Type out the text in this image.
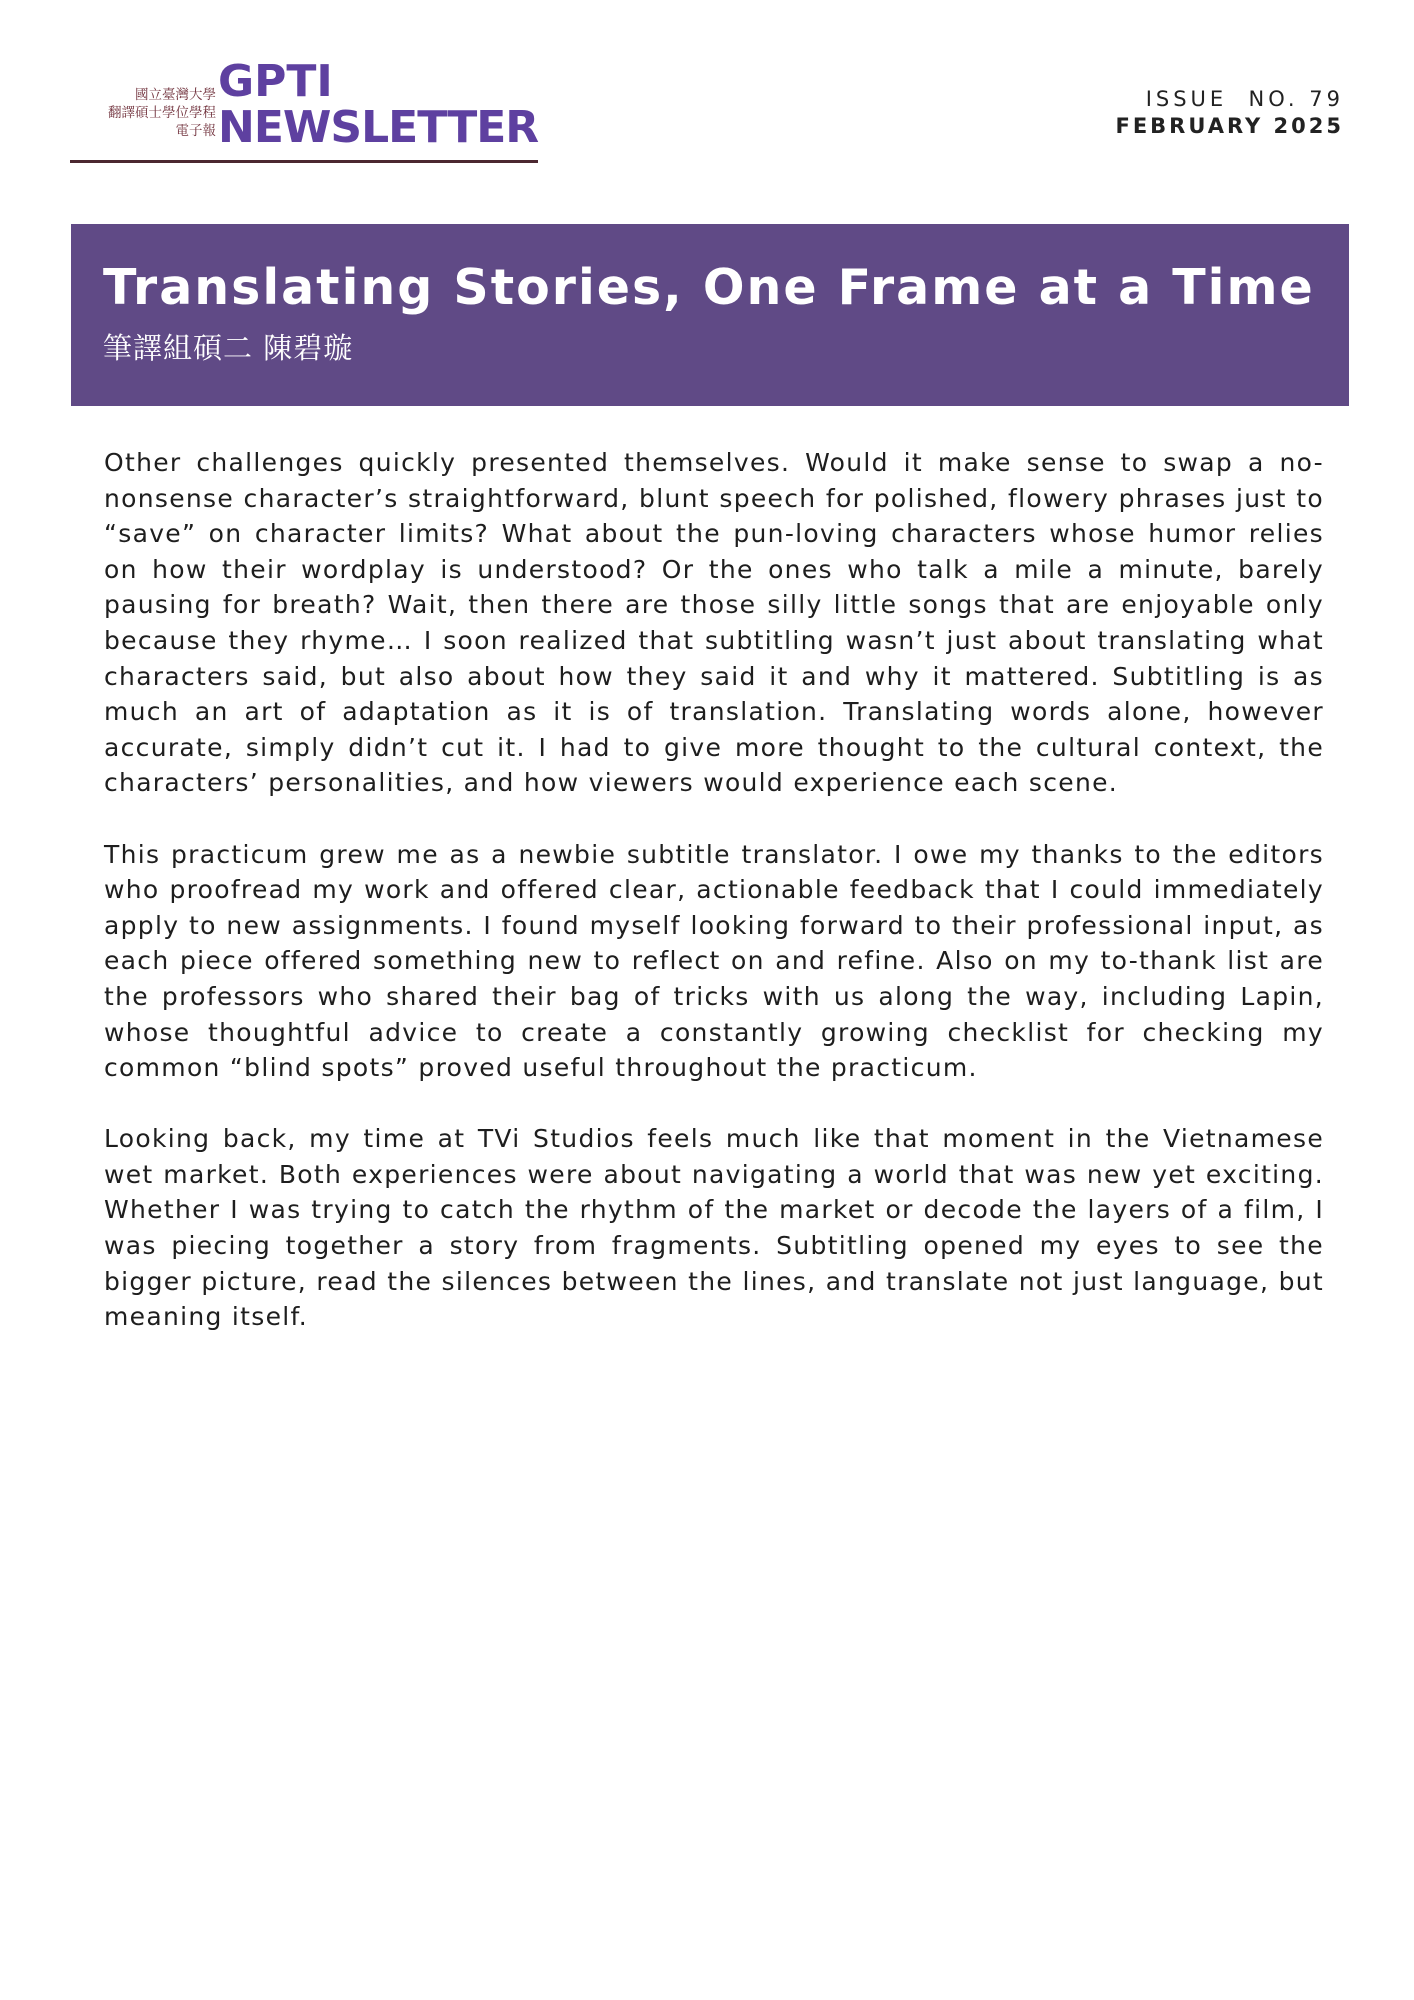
國立臺灣大學
翻譯碩士學位學程
電子報
GPTI
NEWSLETTER
ISSUE  NO. 79
FEBRUARY 2025
Translating Stories, One Frame at a Time
筆譯組碩二 陳碧璇

Other challenges quickly presented themselves. Would it make sense to swap a no-nonsense character’s straightforward, blunt speech for polished, flowery phrases just to “save” on character limits? What about the pun-loving characters whose humor relies on how their wordplay is understood? Or the ones who talk a mile a minute, barely pausing for breath? Wait, then there are those silly little songs that are enjoyable only because they rhyme… I soon realized that subtitling wasn’t just about translating what characters said, but also about how they said it and why it mattered. Subtitling is as much an art of adaptation as it is of translation. Translating words alone, however accurate, simply didn’t cut it. I had to give more thought to the cultural context, the characters’ personalities, and how viewers would experience each scene.

This practicum grew me as a newbie subtitle translator. I owe my thanks to the editors who proofread my work and offered clear, actionable feedback that I could immediately apply to new assignments. I found myself looking forward to their professional input, as each piece offered something new to reflect on and refine. Also on my to-thank list are the professors who shared their bag of tricks with us along the way, including Lapin, whose thoughtful advice to create a constantly growing checklist for checking my common “blind spots” proved useful throughout the practicum.

Looking back, my time at TVi Studios feels much like that moment in the Vietnamese wet market. Both experiences were about navigating a world that was new yet exciting. Whether I was trying to catch the rhythm of the market or decode the layers of a film, I was piecing together a story from fragments. Subtitling opened my eyes to see the bigger picture, read the silences between the lines, and translate not just language, but meaning itself.
